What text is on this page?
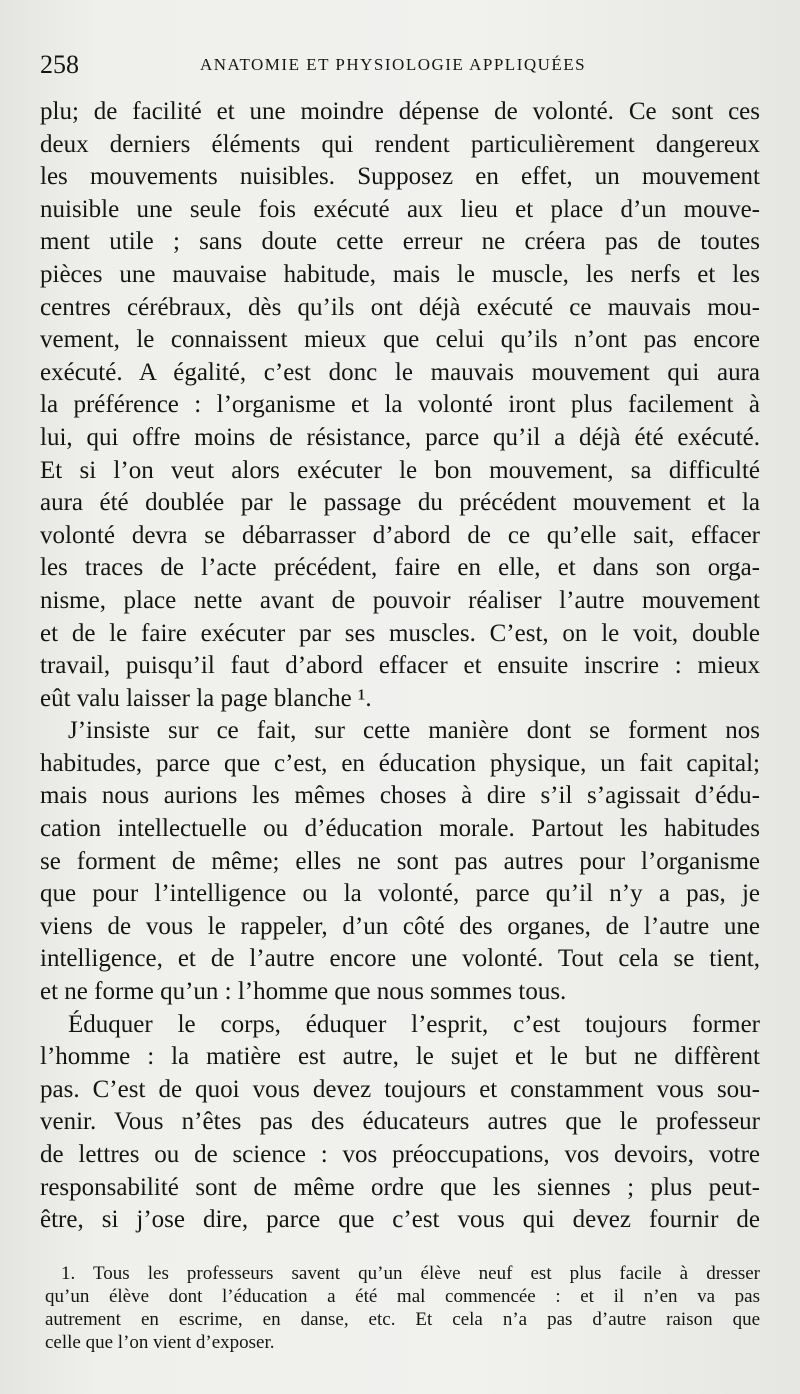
258	ANATOMIE ET PHYSIOLOGIE APPLIQUÉES
plu; de facilité et une moindre dépense de volonté. Ce sont ces
deux derniers éléments qui rendent particulièrement dangereux
les mouvements nuisibles. Supposez en effet, un mouvement
nuisible une seule fois exécuté aux lieu et place d’un mouve-
ment utile ; sans doute cette erreur ne créera pas de toutes
pièces une mauvaise habitude, mais le muscle, les nerfs et les
centres cérébraux, dès qu’ils ont déjà exécuté ce mauvais mou-
vement, le connaissent mieux que celui qu’ils n’ont pas encore
exécuté. A égalité, c’est donc le mauvais mouvement qui aura
la préférence : l’organisme et la volonté iront plus facilement à
lui, qui offre moins de résistance, parce qu’il a déjà été exécuté.
Et si l’on veut alors exécuter le bon mouvement, sa difficulté
aura été doublée par le passage du précédent mouvement et la
volonté devra se débarrasser d’abord de ce qu’elle sait, effacer
les traces de l’acte précédent, faire en elle, et dans son orga-
nisme, place nette avant de pouvoir réaliser l’autre mouvement
et de le faire exécuter par ses muscles. C’est, on le voit, double
travail, puisqu’il faut d’abord effacer et ensuite inscrire : mieux
eût valu laisser la page blanche ¹.
J’insiste sur ce fait, sur cette manière dont se forment nos
habitudes, parce que c’est, en éducation physique, un fait capital;
mais nous aurions les mêmes choses à dire s’il s’agissait d’édu-
cation intellectuelle ou d’éducation morale. Partout les habitudes
se forment de même; elles ne sont pas autres pour l’organisme
que pour l’intelligence ou la volonté, parce qu’il n’y a pas, je
viens de vous le rappeler, d’un côté des organes, de l’autre une
intelligence, et de l’autre encore une volonté. Tout cela se tient,
et ne forme qu’un : l’homme que nous sommes tous.
Éduquer le corps, éduquer l’esprit, c’est toujours former
l’homme : la matière est autre, le sujet et le but ne diffèrent
pas. C’est de quoi vous devez toujours et constamment vous sou-
venir. Vous n’êtes pas des éducateurs autres que le professeur
de lettres ou de science : vos préoccupations, vos devoirs, votre
responsabilité sont de même ordre que les siennes ; plus peut-
être, si j’ose dire, parce que c’est vous qui devez fournir de
1. Tous les professeurs savent qu’un élève neuf est plus facile à dresser
qu’un élève dont l’éducation a été mal commencée : et il n’en va pas
autrement en escrime, en danse, etc. Et cela n’a pas d’autre raison que
celle que l’on vient d’exposer.
